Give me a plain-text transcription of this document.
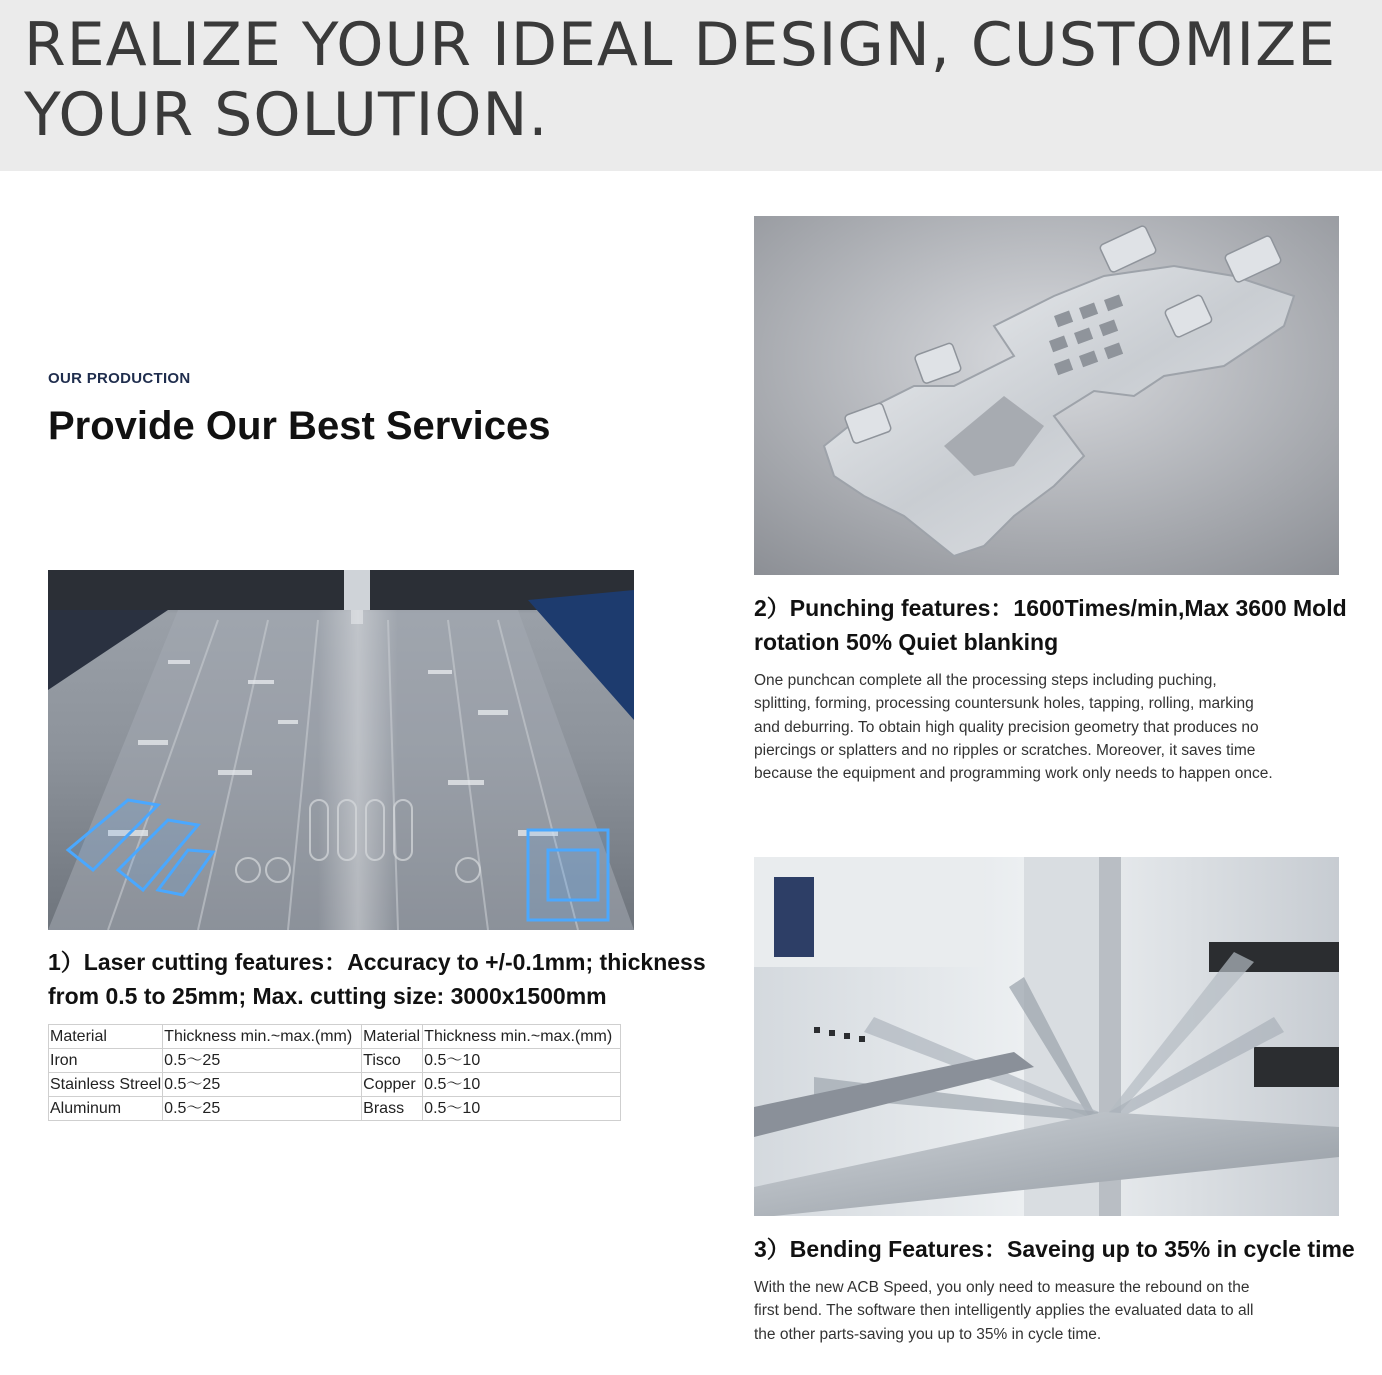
REALIZE YOUR IDEAL DESIGN, CUSTOMIZE YOUR SOLUTION.
OUR PRODUCTION
Provide Our Best Services
1）Laser cutting features：Accuracy to +/-0.1mm; thickness from 0.5 to 25mm; Max. cutting size: 3000x1500mm
Material	Thickness min.~max.(mm)	Material	Thickness min.~max.(mm)
Iron	0.5～25	Tisco	0.5～10
Stainless Streel	0.5～25	Copper	0.5～10
Aluminum	0.5～25	Brass	0.5～10
2）Punching features：1600Times/min,Max 3600 Mold rotation 50% Quiet blanking
One punchcan complete all the processing steps including puching, splitting, forming, processing countersunk holes, tapping, rolling, marking and deburring. To obtain high quality precision geometry that produces no piercings or splatters and no ripples or scratches. Moreover, it saves time because the equipment and programming work only needs to happen once.
3）Bending Features：Saveing up to 35% in cycle time
With the new ACB Speed, you only need to measure the rebound on the first bend. The software then intelligently applies the evaluated data to all the other parts-saving you up to 35% in cycle time.
